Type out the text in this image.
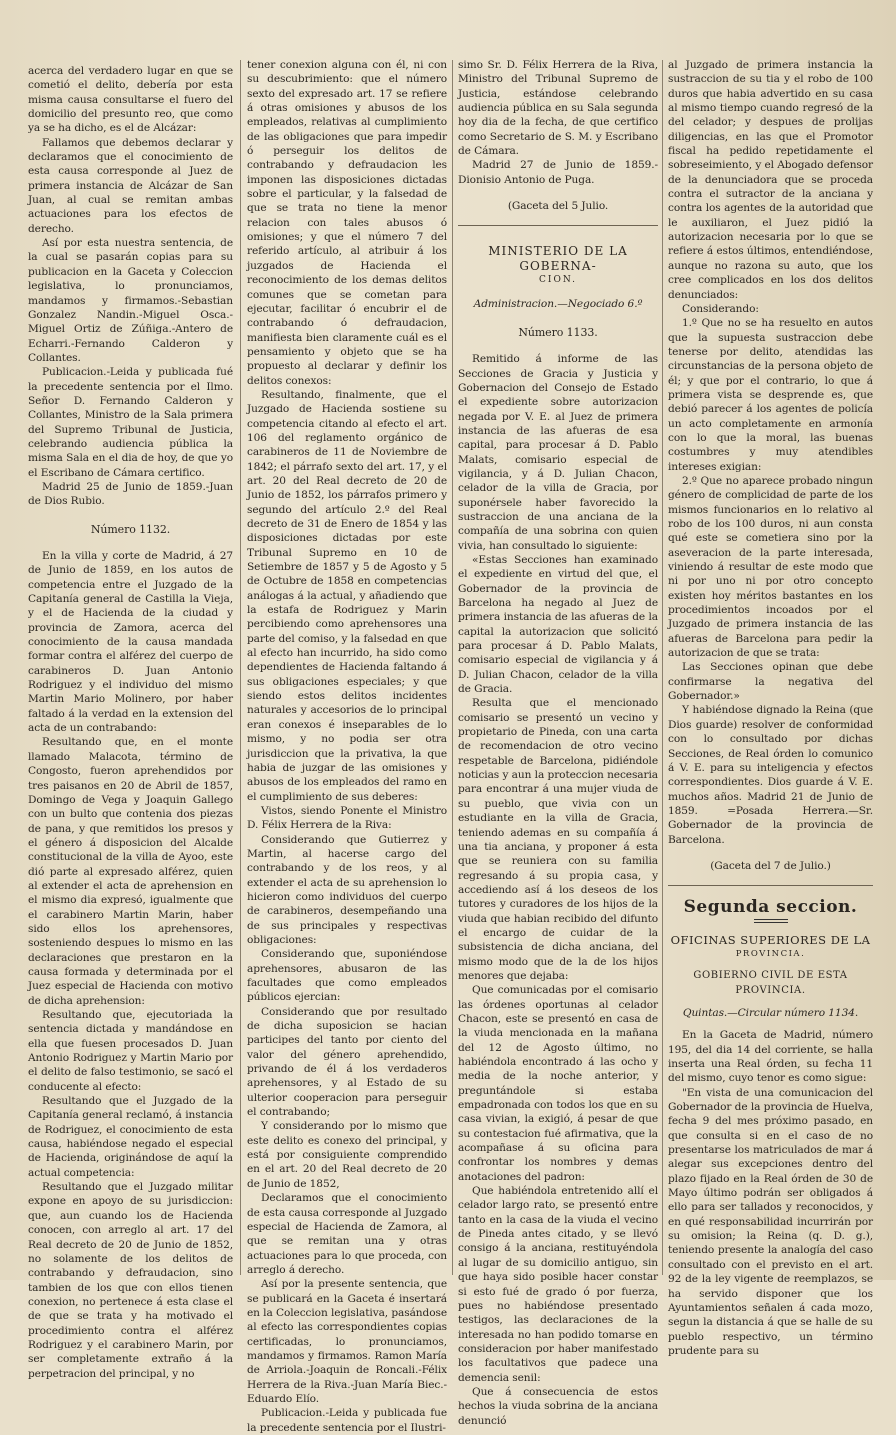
acerca del verdadero lugar en que se cometió el delito, debería por esta misma causa consultarse el fuero del domicilio del presunto reo, que como ya se ha dicho, es el de Alcázar:

Fallamos que debemos declarar y declaramos que el conocimiento de esta causa corresponde al Juez de primera instancia de Alcázar de San Juan, al cual se remitan ambas actuaciones para los efectos de derecho.

Así por esta nuestra sentencia, de la cual se pasarán copias para su publicacion en la Gaceta y Coleccion legislativa, lo pronunciamos, mandamos y firmamos.-Sebastian Gonzalez Nandin.-Miguel Osca.-Miguel Ortiz de Zúñiga.-Antero de Echarri.-Fernando Calderon y Collantes.

Publicacion.-Leida y publicada fué la precedente sentencia por el Ilmo. Señor D. Fernando Calderon y Collantes, Ministro de la Sala primera del Supremo Tribunal de Justicia, celebrando audiencia pública la misma Sala en el dia de hoy, de que yo el Escribano de Cámara certifico.

Madrid 25 de Junio de 1859.-Juan de Dios Rubio.

Número 1132.

En la villa y corte de Madrid, á 27 de Junio de 1859, en los autos de competencia entre el Juzgado de la Capitanía general de Castilla la Vieja, y el de Hacienda de la ciudad y provincia de Zamora, acerca del conocimiento de la causa mandada formar contra el alférez del cuerpo de carabineros D. Juan Antonio Rodriguez y el individuo del mismo Martin Mario Molinero, por haber faltado á la verdad en la extension del acta de un contrabando:

Resultando que, en el monte llamado Malacota, término de Congosto, fueron aprehendidos por tres paisanos en 20 de Abril de 1857, Domingo de Vega y Joaquin Gallego con un bulto que contenia dos piezas de pana, y que remitidos los presos y el género á disposicion del Alcalde constitucional de la villa de Ayoo, este dió parte al expresado alférez, quien al extender el acta de aprehension en el mismo dia expresó, igualmente que el carabinero Martin Marin, haber sido ellos los aprehensores, sosteniendo despues lo mismo en las declaraciones que prestaron en la causa formada y determinada por el Juez especial de Hacienda con motivo de dicha aprehension:

Resultando que, ejecutoriada la sentencia dictada y mandándose en ella que fuesen procesados D. Juan Antonio Rodriguez y Martin Mario por el delito de falso testimonio, se sacó el conducente al efecto:

Resultando que el Juzgado de la Capitanía general reclamó, á instancia de Rodriguez, el conocimiento de esta causa, habiéndose negado el especial de Hacienda, originándose de aquí la actual competencia:

Resultando que el Juzgado militar expone en apoyo de su jurisdiccion: que, aun cuando los de Hacienda conocen, con arreglo al art. 17 del Real decreto de 20 de Junio de 1852, no solamente de los delitos de contrabando y defraudacion, sino tambien de los que con ellos tienen conexion, no pertenece á esta clase el de que se trata y ha motivado el procedimiento contra el alférez Rodriguez y el carabinero Marin, por ser completamente extraño á la perpetracion del principal, y no

tener conexion alguna con él, ni con su descubrimiento: que el número sexto del expresado art. 17 se refiere á otras omisiones y abusos de los empleados, relativas al cumplimiento de las obligaciones que para impedir ó perseguir los delitos de contrabando y defraudacion les imponen las disposiciones dictadas sobre el particular, y la falsedad de que se trata no tiene la menor relacion con tales abusos ó omisiones; y que el número 7 del referido artículo, al atribuir á los juzgados de Hacienda el reconocimiento de los demas delitos comunes que se cometan para ejecutar, facilitar ó encubrir el de contrabando ó defraudacion, manifiesta bien claramente cuál es el pensamiento y objeto que se ha propuesto al declarar y definir los delitos conexos:

Resultando, finalmente, que el Juzgado de Hacienda sostiene su competencia citando al efecto el art. 106 del reglamento orgánico de carabineros de 11 de Noviembre de 1842; el párrafo sexto del art. 17, y el art. 20 del Real decreto de 20 de Junio de 1852, los párrafos primero y segundo del artículo 2.º del Real decreto de 31 de Enero de 1854 y las disposiciones dictadas por este Tribunal Supremo en 10 de Setiembre de 1857 y 5 de Agosto y 5 de Octubre de 1858 en competencias análogas á la actual, y añadiendo que la estafa de Rodriguez y Marin percibiendo como aprehensores una parte del comiso, y la falsedad en que al efecto han incurrido, ha sido como dependientes de Hacienda faltando á sus obligaciones especiales; y que siendo estos delitos incidentes naturales y accesorios de lo principal eran conexos é inseparables de lo mismo, y no podia ser otra jurisdiccion que la privativa, la que habia de juzgar de las omisiones y abusos de los empleados del ramo en el cumplimiento de sus deberes:

Vistos, siendo Ponente el Ministro D. Félix Herrera de la Riva:

Considerando que Gutierrez y Martin, al hacerse cargo del contrabando y de los reos, y al extender el acta de su aprehension lo hicieron como individuos del cuerpo de carabineros, desempeñando una de sus principales y respectivas obligaciones:

Considerando que, suponiéndose aprehensores, abusaron de las facultades que como empleados públicos ejercian:

Considerando que por resultado de dicha suposicion se hacian participes del tanto por ciento del valor del género aprehendido, privando de él á los verdaderos aprehensores, y al Estado de su ulterior cooperacion para perseguir el contrabando;

Y considerando por lo mismo que este delito es conexo del principal, y está por consiguiente comprendido en el art. 20 del Real decreto de 20 de Junio de 1852,

Declaramos que el conocimiento de esta causa corresponde al Juzgado especial de Hacienda de Zamora, al que se remitan una y otras actuaciones para lo que proceda, con arreglo á derecho.

Así por la presente sentencia, que se publicará en la Gaceta é insertará en la Coleccion legislativa, pasándose al efecto las correspondientes copias certificadas, lo pronunciamos, mandamos y firmamos. Ramon María de Arriola.-Joaquin de Roncali.-Félix Herrera de la Riva.-Juan María Biec.-Eduardo Elío.

Publicacion.-Leida y publicada fue la precedente sentencia por el Ilustri-

simo Sr. D. Félix Herrera de la Riva, Ministro del Tribunal Supremo de Justicia, estándose celebrando audiencia pública en su Sala segunda hoy dia de la fecha, de que certifico como Secretario de S. M. y Escribano de Cámara.

Madrid 27 de Junio de 1859.-Dionisio Antonio de Puga.

(Gaceta del 5 Julio.
MINISTERIO DE LA GOBERNA-
CION.
Administracion.—Negociado 6.º
Número 1133.

Remitido á informe de las Secciones de Gracia y Justicia y Gobernacion del Consejo de Estado el expediente sobre autorizacion negada por V. E. al Juez de primera instancia de las afueras de esa capital, para procesar á D. Pablo Malats, comisario especial de vigilancia, y á D. Julian Chacon, celador de la villa de Gracia, por suponérsele haber favorecido la sustraccion de una anciana de la compañía de una sobrina con quien vivia, han consultado lo siguiente:

«Estas Secciones han examinado el expediente en virtud del que, el Gobernador de la provincia de Barcelona ha negado al Juez de primera instancia de las afueras de la capital la autorizacion que solicitó para procesar á D. Pablo Malats, comisario especial de vigilancia y á D. Julian Chacon, celador de la villa de Gracia.

Resulta que el mencionado comisario se presentó un vecino y propietario de Pineda, con una carta de recomendacion de otro vecino respetable de Barcelona, pidiéndole noticias y aun la proteccion necesaria para encontrar á una mujer viuda de su pueblo, que vivia con un estudiante en la villa de Gracia, teniendo ademas en su compañía á una tia anciana, y proponer á esta que se reuniera con su familia regresando á su propia casa, y accediendo así á los deseos de los tutores y curadores de los hijos de la viuda que habian recibido del difunto el encargo de cuidar de la subsistencia de dicha anciana, del mismo modo que de la de los hijos menores que dejaba:

Que comunicadas por el comisario las órdenes oportunas al celador Chacon, este se presentó en casa de la viuda mencionada en la mañana del 12 de Agosto último, no habiéndola encontrado á las ocho y media de la noche anterior, y preguntándole si estaba empadronada con todos los que en su casa vivian, la exigió, á pesar de que su contestacion fué afirmativa, que la acompañase á su oficina para confrontar los nombres y demas anotaciones del padron:

Que habiéndola entretenido allí el celador largo rato, se presentó entre tanto en la casa de la viuda el vecino de Pineda antes citado, y se llevó consigo á la anciana, restituyéndola al lugar de su domicilio antiguo, sin que haya sido posible hacer constar si esto fué de grado ó por fuerza, pues no habiéndose presentado testigos, las declaraciones de la interesada no han podido tomarse en consideracion por haber manifestado los facultativos que padece una demencia senil:

Que á consecuencia de estos hechos la viuda sobrina de la anciana denunció

al Juzgado de primera instancia la sustraccion de su tia y el robo de 100 duros que habia advertido en su casa al mismo tiempo cuando regresó de la del celador; y despues de prolijas diligencias, en las que el Promotor fiscal ha pedido repetidamente el sobreseimiento, y el Abogado defensor de la denunciadora que se proceda contra el sutractor de la anciana y contra los agentes de la autoridad que le auxiliaron, el Juez pidió la autorizacion necesaria por lo que se refiere á estos últimos, entendiéndose, aunque no razona su auto, que los cree complicados en los dos delitos denunciados:

Considerando:

1.º Que no se ha resuelto en autos que la supuesta sustraccion debe tenerse por delito, atendidas las circunstancias de la persona objeto de él; y que por el contrario, lo que á primera vista se desprende es, que debió parecer á los agentes de policía un acto completamente en armonía con lo que la moral, las buenas costumbres y muy atendibles intereses exigian:

2.º Que no aparece probado ningun género de complicidad de parte de los mismos funcionarios en lo relativo al robo de los 100 duros, ni aun consta qué este se cometiera sino por la aseveracion de la parte interesada, viniendo á resultar de este modo que ni por uno ni por otro concepto existen hoy méritos bastantes en los procedimientos incoados por el Juzgado de primera instancia de las afueras de Barcelona para pedir la autorizacion de que se trata:

Las Secciones opinan que debe confirmarse la negativa del Gobernador.»

Y habiéndose dignado la Reina (que Dios guarde) resolver de conformidad con lo consultado por dichas Secciones, de Real órden lo comunico á V. E. para su inteligencia y efectos correspondientes. Dios guarde á V. E. muchos años. Madrid 21 de Junio de 1859. =Posada Herrera.—Sr. Gobernador de la provincia de Barcelona.

(Gaceta del 7 de Julio.)
Segunda seccion.
OFICINAS SUPERIORES DE LA
PROVINCIA.
GOBIERNO CIVIL DE ESTA PROVINCIA.
Quintas.—Circular número 1134.

En la Gaceta de Madrid, número 195, del dia 14 del corriente, se halla inserta una Real órden, su fecha 11 del mismo, cuyo tenor es como sigue:

"En vista de una comunicacion del Gobernador de la provincia de Huelva, fecha 9 del mes próximo pasado, en que consulta si en el caso de no presentarse los matriculados de mar á alegar sus excepciones dentro del plazo fijado en la Real órden de 30 de Mayo último podrán ser obligados á ello para ser tallados y reconocidos, y en qué responsabilidad incurrirán por su omision; la Reina (q. D. g.), teniendo presente la analogía del caso consultado con el previsto en el art. 92 de la ley vigente de reemplazos, se ha servido disponer que los Ayuntamientos señalen á cada mozo, segun la distancia á que se halle de su pueblo respectivo, un término prudente para su
